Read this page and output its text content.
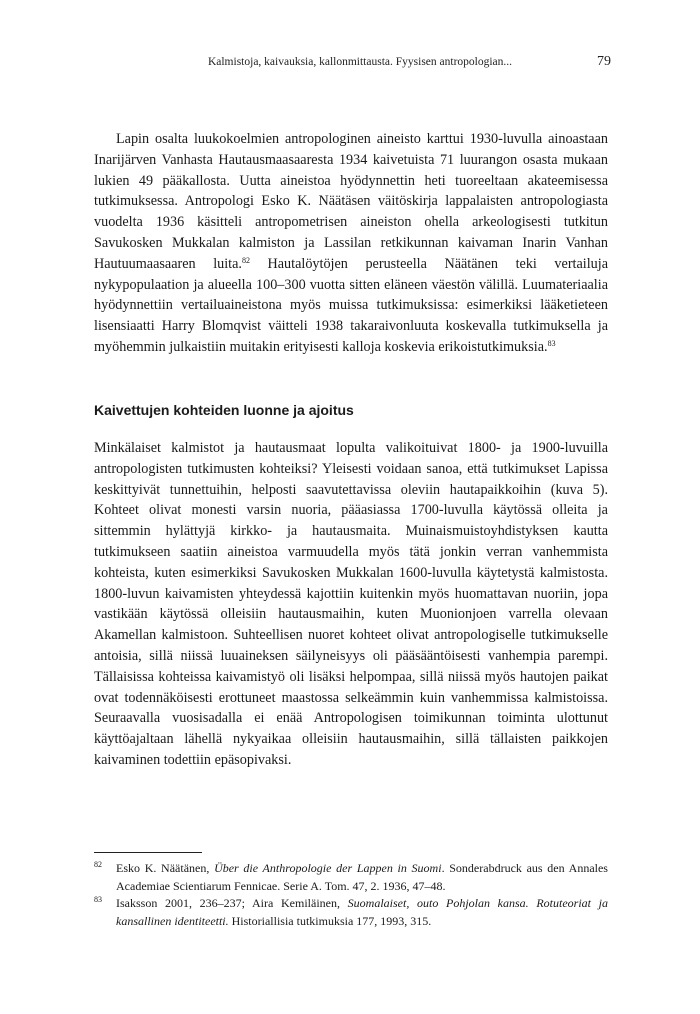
Kalmistoja, kaivauksia, kallonmittausta. Fyysisen antropologian...	79

Lapin osalta luukokoelmien antropologinen aineisto karttui 1930-luvulla ainoastaan Inarijärven Vanhasta Hautausmaasaaresta 1934 kaivetuista 71 luurangon osasta mukaan lukien 49 pääkallosta. Uutta aineistoa hyödynnettin heti tuoreeltaan akateemisessa tutkimuksessa. Antropologi Esko K. Näätäsen väitöskirja lappalaisten antropologiasta vuodelta 1936 käsitteli antropometrisen aineiston ohella arkeologisesti tutkitun Savukosken Mukkalan kalmiston ja Lassilan retkikunnan kaivaman Inarin Vanhan Hautuumaasaaren luita.$^{82}$ Hautalöytöjen perusteella Näätänen teki vertailuja nykypopulaation ja alueella 100–300 vuotta sitten eläneen väestön välillä. Luumateriaalia hyödynnettiin vertailuaineistona myös muissa tutkimuksissa: esimerkiksi lääketieteen lisensiaatti Harry Blomqvist väitteli 1938 takaraivonluuta koskevalla tutkimuksella ja myöhemmin julkaistiin muitakin erityisesti kalloja koskevia erikoistutkimuksia.$^{83}$

Kaivettujen kohteiden luonne ja ajoitus

Minkälaiset kalmistot ja hautausmaat lopulta valikoituivat 1800- ja 1900-luvuilla antropologisten tutkimusten kohteiksi? Yleisesti voidaan sanoa, että tutkimukset Lapissa keskittyivät tunnettuihin, helposti saavutettavissa oleviin hautapaikkoihin (kuva 5). Kohteet olivat monesti varsin nuoria, pääasiassa 1700-luvulla käytössä olleita ja sittemmin hylättyjä kirkko- ja hautausmaita. Muinaismuistoyhdistyksen kautta tutkimukseen saatiin aineistoa varmuudella myös tätä jonkin verran vanhemmista kohteista, kuten esimerkiksi Savukosken Mukkalan 1600-luvulla käytetystä kalmistosta. 1800-luvun kaivamisten yhteydessä kajottiin kuitenkin myös huomattavan nuoriin, jopa vastikään käytössä olleisiin hautausmaihin, kuten Muonionjoen varrella olevaan Akamellan kalmistoon. Suhteellisen nuoret kohteet olivat antropologiselle tutkimukselle antoisia, sillä niissä luuaineksen säilyneisyys oli pääsääntöisesti vanhempia parempi. Tällaisissa kohteissa kaivamistyö oli lisäksi helpompaa, sillä niissä myös hautojen paikat ovat todennäköisesti erottuneet maastossa selkeämmin kuin vanhemmissa kalmistoissa. Seuraavalla vuosisadalla ei enää Antropologisen toimikunnan toiminta ulottunut käyttöajaltaan lähellä nykyaikaa olleisiin hautausmaihin, sillä tällaisten paikkojen kaivaminen todettiin epäsopivaksi.

82 Esko K. Näätänen, Über die Anthropologie der Lappen in Suomi. Sonderabdruck aus den Annales Academiae Scientiarum Fennicae. Serie A. Tom. 47, 2. 1936, 47–48.
83 Isaksson 2001, 236–237; Aira Kemiläinen, Suomalaiset, outo Pohjolan kansa. Rotuteoriat ja kansallinen identiteetti. Historiallisia tutkimuksia 177, 1993, 315.
